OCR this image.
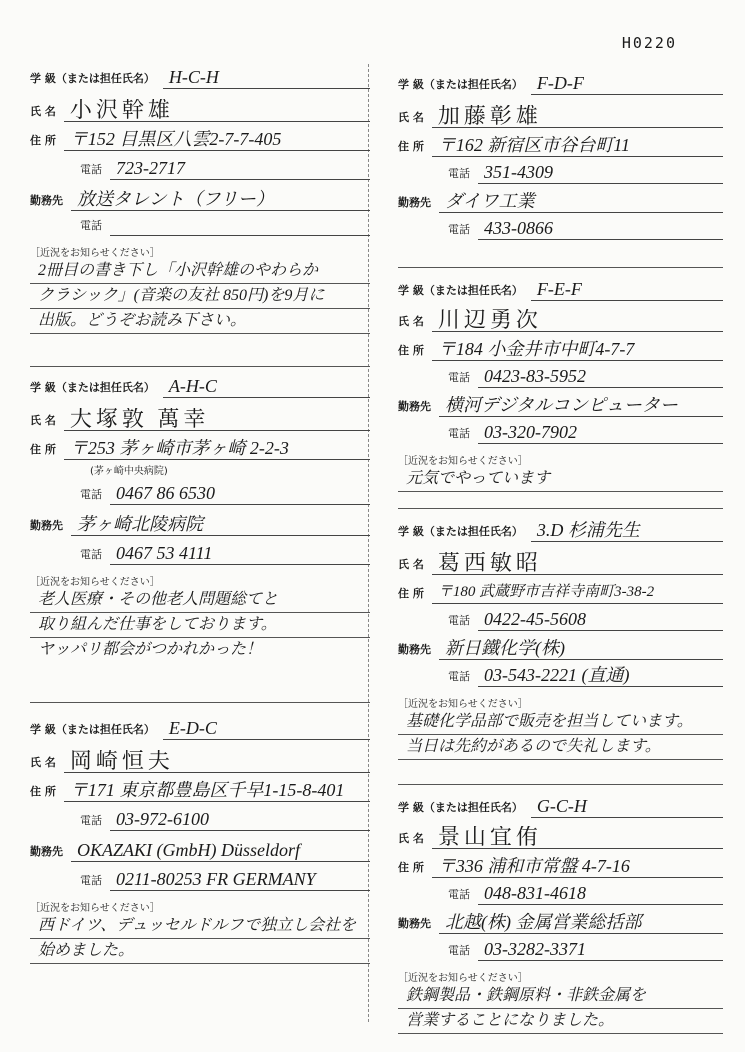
H0220
学 級（または担任氏名） H-C-H
氏 名 小沢幹雄
住 所 〒152 目黒区八雲2-7-7-405
電話 723-2717
勤務先 放送タレント（フリー）
電話
［近況をお知らせください］
2冊目の書き下し「小沢幹雄のやわらか
クラシック」(音楽の友社 850円)を9月に
出版。どうぞお読み下さい。
学 級（または担任氏名） A-H-C
氏 名 大塚敦 萬幸
住 所 〒253 茅ヶ崎市茅ヶ崎 2-2-3
(茅ヶ崎中央病院)
電話 0467 86 6530
勤務先 茅ヶ崎北陵病院
電話 0467 53 4111
［近況をお知らせください］
老人医療・その他老人問題総てと
取り組んだ仕事をしております。
ヤッパリ都会がつかれかった！
学 級（または担任氏名） E-D-C
氏 名 岡崎恒夫
住 所 〒171 東京都豊島区千早1-15-8-401
電話 03-972-6100
勤務先 OKAZAKI (GmbH) Düsseldorf
電話 0211-80253 FR GERMANY
［近況をお知らせください］
西ドイツ、デュッセルドルフで独立し会社を
始めました。
学 級（または担任氏名） F-D-F
氏 名 加藤彰雄
住 所 〒162 新宿区市谷台町11
電話 351-4309
勤務先 ダイワ工業
電話 433-0866
学 級（または担任氏名） F-E-F
氏 名 川辺勇次
住 所 〒184 小金井市中町4-7-7
電話 0423-83-5952
勤務先 横河デジタルコンピューター
電話 03-320-7902
［近況をお知らせください］
元気でやっています
学 級（または担任氏名） 3.D 杉浦先生
氏 名 葛西敏昭
住 所 〒180 武蔵野市吉祥寺南町3-38-2
電話 0422-45-5608
勤務先 新日鐵化学(株)
電話 03-543-2221 (直通)
［近況をお知らせください］
基礎化学品部で販売を担当しています。
当日は先約があるので失礼します。
学 級（または担任氏名） G-C-H
氏 名 景山宜侑
住 所 〒336 浦和市常盤 4-7-16
電話 048-831-4618
勤務先 北越(株) 金属営業総括部
電話 03-3282-3371
［近況をお知らせください］
鉄鋼製品・鉄鋼原料・非鉄金属を
営業することになりました。
